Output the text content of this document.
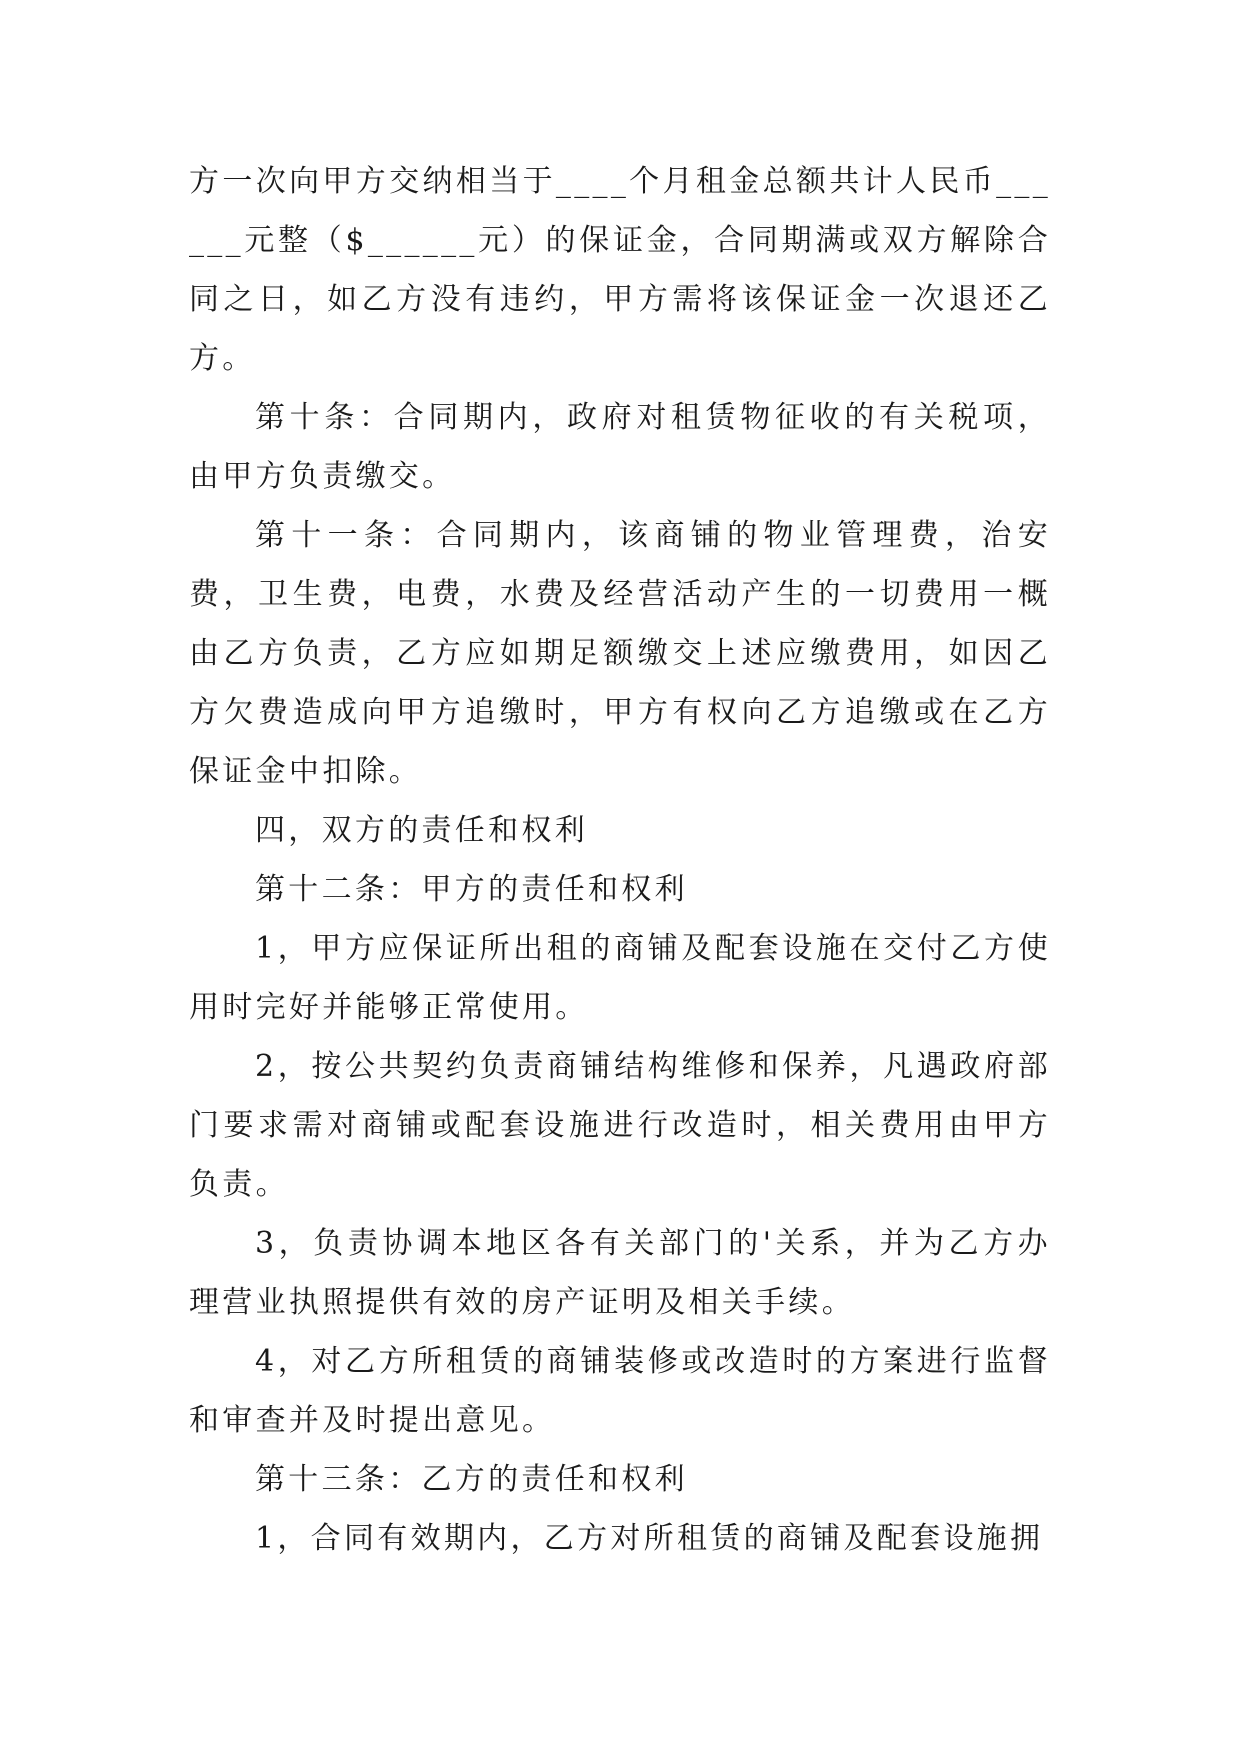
方一次向甲方交纳相当于____个月租金总额共计人民币______元整（$______元）的保证金，合同期满或双方解除合同之日，如乙方没有违约，甲方需将该保证金一次退还乙方。

第十条：合同期内，政府对租赁物征收的有关税项，由甲方负责缴交。

第十一条：合同期内，该商铺的物业管理费，治安费，卫生费，电费，水费及经营活动产生的一切费用一概由乙方负责，乙方应如期足额缴交上述应缴费用，如因乙方欠费造成向甲方追缴时，甲方有权向乙方追缴或在乙方保证金中扣除。

四，双方的责任和权利

第十二条：甲方的责任和权利

1，甲方应保证所出租的商铺及配套设施在交付乙方使用时完好并能够正常使用。

2，按公共契约负责商铺结构维修和保养，凡遇政府部门要求需对商铺或配套设施进行改造时，相关费用由甲方负责。

3，负责协调本地区各有关部门的'关系，并为乙方办理营业执照提供有效的房产证明及相关手续。

4，对乙方所租赁的商铺装修或改造时的方案进行监督和审查并及时提出意见。

第十三条：乙方的责任和权利

1，合同有效期内，乙方对所租赁的商铺及配套设施拥
